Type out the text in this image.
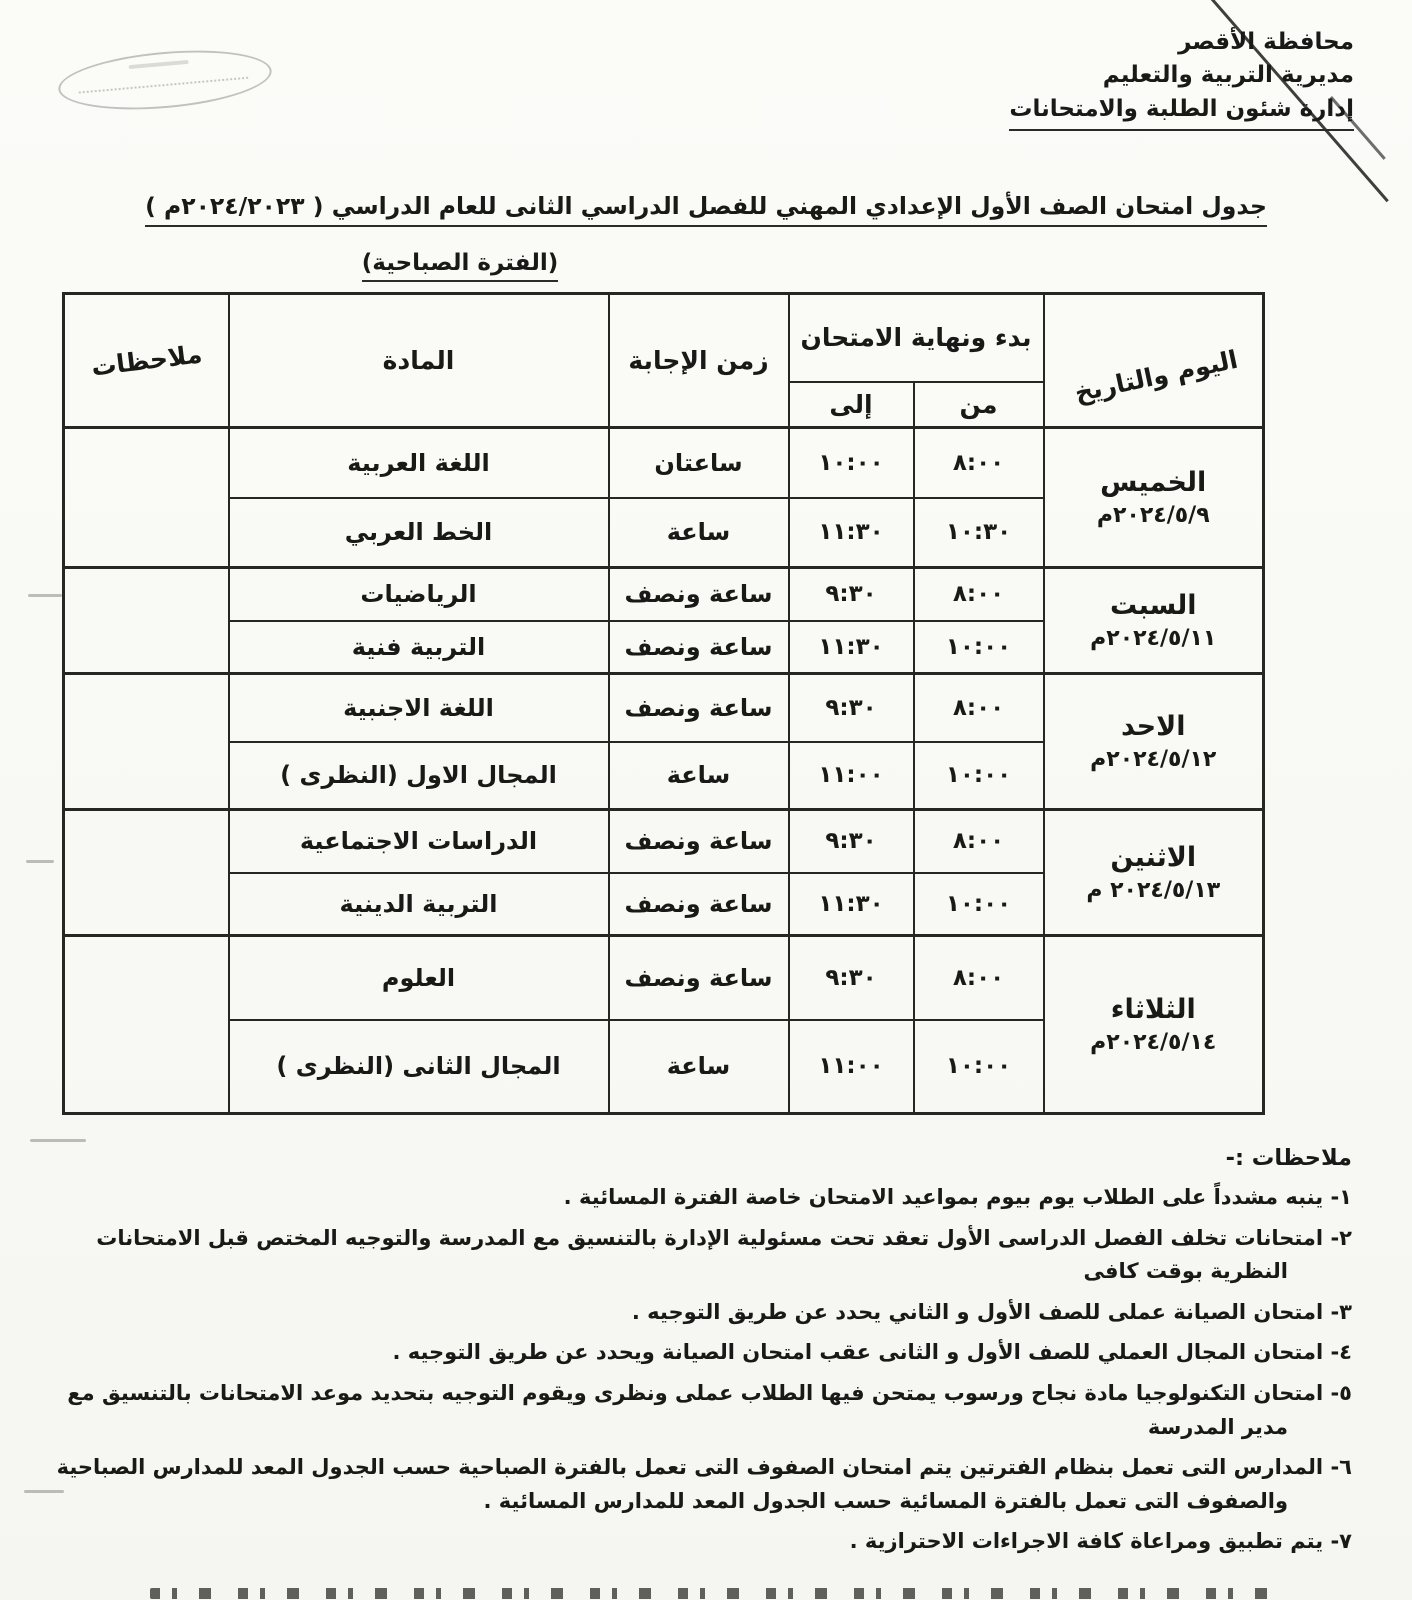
محافظة الأقصر
مديرية التربية والتعليم
إدارة شئون الطلبة والامتحانات
جدول امتحان الصف الأول الإعدادي المهني للفصل الدراسي الثانى للعام الدراسي ( ٢٠٢٤/٢٠٢٣م )
(الفترة الصباحية)
اليوم والتاريخ	بدء ونهاية الامتحان		زمن الإجابة	المادة	ملاحظات
	من	إلى			

الخميس
٢٠٢٤/٥/٩م	٨:٠٠	١٠:٠٠	ساعتان	اللغة العربية	
	١٠:٣٠	١١:٣٠	ساعة	الخط العربي	

السبت
٢٠٢٤/٥/١١م	٨:٠٠	٩:٣٠	ساعة ونصف	الرياضيات	
	١٠:٠٠	١١:٣٠	ساعة ونصف	التربية فنية	

الاحد
٢٠٢٤/٥/١٢م	٨:٠٠	٩:٣٠	ساعة ونصف	اللغة الاجنبية	
	١٠:٠٠	١١:٠٠	ساعة	المجال الاول (النظرى )	

الاثنين
٢٠٢٤/٥/١٣ م	٨:٠٠	٩:٣٠	ساعة ونصف	الدراسات الاجتماعية	
	١٠:٠٠	١١:٣٠	ساعة ونصف	التربية الدينية	

الثلاثاء
٢٠٢٤/٥/١٤م	٨:٠٠	٩:٣٠	ساعة ونصف	العلوم	
	١٠:٠٠	١١:٠٠	ساعة	المجال الثانى (النظرى )	
ملاحظات :-
١- ينبه مشدداً على الطلاب يوم بيوم بمواعيد الامتحان خاصة الفترة المسائية .
٢- امتحانات تخلف الفصل الدراسى الأول تعقد تحت مسئولية الإدارة بالتنسيق مع المدرسة والتوجيه المختص قبل الامتحانات النظرية بوقت كافى
٣- امتحان الصيانة عملى للصف الأول و الثاني يحدد عن طريق التوجيه .
٤- امتحان المجال العملي للصف الأول و الثانى عقب امتحان الصيانة ويحدد عن طريق التوجيه .
٥- امتحان التكنولوجيا مادة نجاح ورسوب يمتحن فيها الطلاب عملى ونظرى ويقوم التوجيه بتحديد موعد الامتحانات بالتنسيق مع مدير المدرسة
٦- المدارس التى تعمل بنظام الفترتين يتم امتحان الصفوف التى تعمل بالفترة الصباحية حسب الجدول المعد للمدارس الصباحية والصفوف التى تعمل بالفترة المسائية حسب الجدول المعد للمدارس المسائية .
٧- يتم تطبيق ومراعاة كافة الاجراءات الاحترازية .
